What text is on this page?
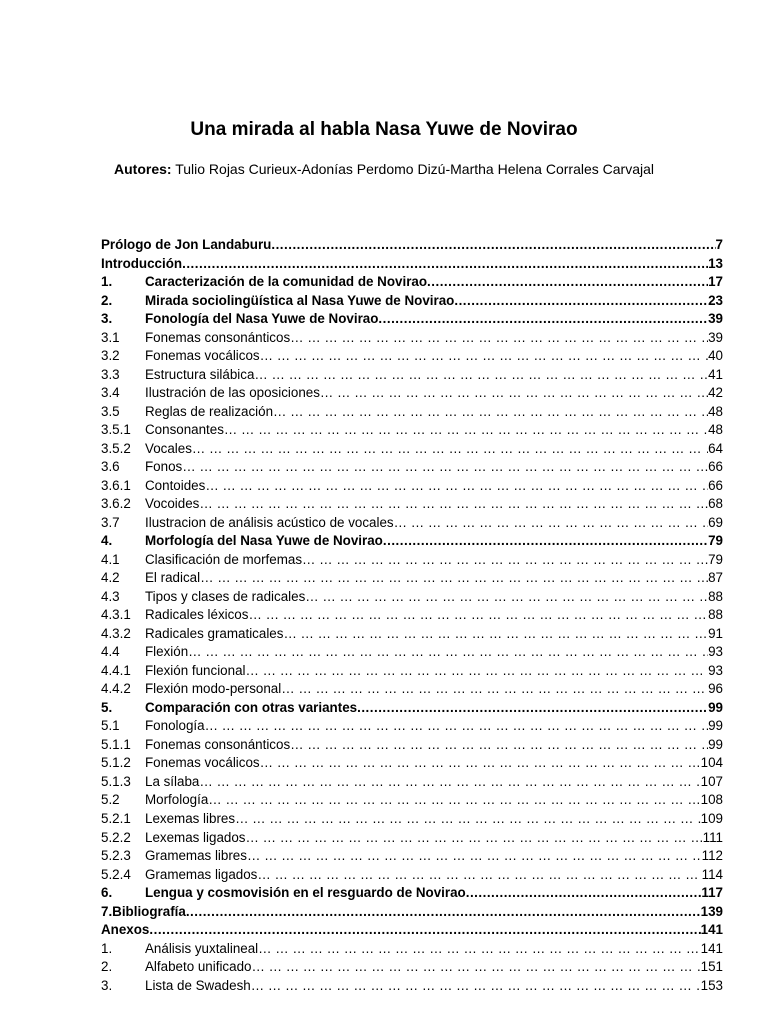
Una mirada al habla Nasa Yuwe de Novirao
Autores: Tulio Rojas Curieux-Adonías Perdomo Dizú-Martha Helena Corrales Carvajal
Prólogo de Jon Landaburu .....	7
Introducción .....	13
1.	Caracterización de la comunidad de Novirao .....	17
2.	Mirada sociolingüística al Nasa Yuwe de Novirao .....	23
3.	Fonología del Nasa Yuwe de Novirao .....	39
3.1	Fonemas consonánticos … … … … … … … … … … … … … … … … … … … … … … … … … … … … … … … … … … … … … … … … … … … … … … … … … … … … … … … … … … … … … … … … … … … … … … … … … … … … … … … … … … … … … … … … … … … … … …	39
3.2	Fonemas vocálicos … … … … … … … … … … … … … … … … … … … … … … … … … … … … … … … … … … … … … … … … … … … … … … … … … … … … … … … … … … … … … … … … … … … … … … … … … … … … … … … … … … … … … … … … … … … … … …	40
3.3	Estructura silábica … … … … … … … … … … … … … … … … … … … … … … … … … … … … … … … … … … … … … … … … … … … … … … … … … … … … … … … … … … … … … … … … … … … … … … … … … … … … … … … … … … … … … … … … … … … … … …	41
3.4	Ilustración de las oposiciones … … … … … … … … … … … … … … … … … … … … … … … … … … … … … … … … … … … … … … … … … … … … … … … … … … … … … … … … … … … … … … … … … … … … … … … … … … … … … … … … … … … … … … … … … … … … … …	42
3.5	Reglas de realización … … … … … … … … … … … … … … … … … … … … … … … … … … … … … … … … … … … … … … … … … … … … … … … … … … … … … … … … … … … … … … … … … … … … … … … … … … … … … … … … … … … … … … … … … … … … … …	48
3.5.1	Consonantes … … … … … … … … … … … … … … … … … … … … … … … … … … … … … … … … … … … … … … … … … … … … … … … … … … … … … … … … … … … … … … … … … … … … … … … … … … … … … … … … … … … … … … … … … … … … … …	48
3.5.2	Vocales … … … … … … … … … … … … … … … … … … … … … … … … … … … … … … … … … … … … … … … … … … … … … … … … … … … … … … … … … … … … … … … … … … … … … … … … … … … … … … … … … … … … … … … … … … … … … …	64
3.6	Fonos … … … … … … … … … … … … … … … … … … … … … … … … … … … … … … … … … … … … … … … … … … … … … … … … … … … … … … … … … … … … … … … … … … … … … … … … … … … … … … … … … … … … … … … … … … … … … …	66
3.6.1	Contoides … … … … … … … … … … … … … … … … … … … … … … … … … … … … … … … … … … … … … … … … … … … … … … … … … … … … … … … … … … … … … … … … … … … … … … … … … … … … … … … … … … … … … … … … … … … … … …	66
3.6.2	Vocoides … … … … … … … … … … … … … … … … … … … … … … … … … … … … … … … … … … … … … … … … … … … … … … … … … … … … … … … … … … … … … … … … … … … … … … … … … … … … … … … … … … … … … … … … … … … … … …	68
3.7	Ilustracion de análisis acústico de vocales … … … … … … … … … … … … … … … … … … … … … … … … … … … … … … … … … … … … … … … … … … … … … … … … … … … … … … … … … … … … … … … … … … … … … … … … … … … … … … … … … … … … … … … … … … … … … …	69
4.	Morfología del Nasa Yuwe de Novirao .....	79
4.1	Clasificación de morfemas … … … … … … … … … … … … … … … … … … … … … … … … … … … … … … … … … … … … … … … … … … … … … … … … … … … … … … … … … … … … … … … … … … … … … … … … … … … … … … … … … … … … … … … … … … … … … …	79
4.2	El radical … … … … … … … … … … … … … … … … … … … … … … … … … … … … … … … … … … … … … … … … … … … … … … … … … … … … … … … … … … … … … … … … … … … … … … … … … … … … … … … … … … … … … … … … … … … … … …	87
4.3	Tipos y clases de radicales … … … … … … … … … … … … … … … … … … … … … … … … … … … … … … … … … … … … … … … … … … … … … … … … … … … … … … … … … … … … … … … … … … … … … … … … … … … … … … … … … … … … … … … … … … … … … …	88
4.3.1	Radicales léxicos … … … … … … … … … … … … … … … … … … … … … … … … … … … … … … … … … … … … … … … … … … … … … … … … … … … … … … … … … … … … … … … … … … … … … … … … … … … … … … … … … … … … … … … … … … … … … …	88
4.3.2	Radicales gramaticales … … … … … … … … … … … … … … … … … … … … … … … … … … … … … … … … … … … … … … … … … … … … … … … … … … … … … … … … … … … … … … … … … … … … … … … … … … … … … … … … … … … … … … … … … … … … … …	91
4.4	Flexión … … … … … … … … … … … … … … … … … … … … … … … … … … … … … … … … … … … … … … … … … … … … … … … … … … … … … … … … … … … … … … … … … … … … … … … … … … … … … … … … … … … … … … … … … … … … … …	93
4.4.1	Flexión funcional … … … … … … … … … … … … … … … … … … … … … … … … … … … … … … … … … … … … … … … … … … … … … … … … … … … … … … … … … … … … … … … … … … … … … … … … … … … … … … … … … … … … … … … … … … … … … …	93
4.4.2	Flexión modo-personal … … … … … … … … … … … … … … … … … … … … … … … … … … … … … … … … … … … … … … … … … … … … … … … … … … … … … … … … … … … … … … … … … … … … … … … … … … … … … … … … … … … … … … … … … … … … … …	96
5.	Comparación con otras variantes .....	99
5.1	Fonología … … … … … … … … … … … … … … … … … … … … … … … … … … … … … … … … … … … … … … … … … … … … … … … … … … … … … … … … … … … … … … … … … … … … … … … … … … … … … … … … … … … … … … … … … … … … … …	99
5.1.1	Fonemas consonánticos … … … … … … … … … … … … … … … … … … … … … … … … … … … … … … … … … … … … … … … … … … … … … … … … … … … … … … … … … … … … … … … … … … … … … … … … … … … … … … … … … … … … … … … … … … … … … …	99
5.1.2	Fonemas vocálicos … … … … … … … … … … … … … … … … … … … … … … … … … … … … … … … … … … … … … … … … … … … … … … … … … … … … … … … … … … … … … … … … … … … … … … … … … … … … … … … … … … … … … … … … … … … … … …	104
5.1.3	La sílaba … … … … … … … … … … … … … … … … … … … … … … … … … … … … … … … … … … … … … … … … … … … … … … … … … … … … … … … … … … … … … … … … … … … … … … … … … … … … … … … … … … … … … … … … … … … … … …	107
5.2	Morfología … … … … … … … … … … … … … … … … … … … … … … … … … … … … … … … … … … … … … … … … … … … … … … … … … … … … … … … … … … … … … … … … … … … … … … … … … … … … … … … … … … … … … … … … … … … … … …	108
5.2.1	Lexemas libres … … … … … … … … … … … … … … … … … … … … … … … … … … … … … … … … … … … … … … … … … … … … … … … … … … … … … … … … … … … … … … … … … … … … … … … … … … … … … … … … … … … … … … … … … … … … … …	109
5.2.2	Lexemas ligados … … … … … … … … … … … … … … … … … … … … … … … … … … … … … … … … … … … … … … … … … … … … … … … … … … … … … … … … … … … … … … … … … … … … … … … … … … … … … … … … … … … … … … … … … … … … … …	111
5.2.3	Gramemas libres … … … … … … … … … … … … … … … … … … … … … … … … … … … … … … … … … … … … … … … … … … … … … … … … … … … … … … … … … … … … … … … … … … … … … … … … … … … … … … … … … … … … … … … … … … … … … …	112
5.2.4	Gramemas ligados … … … … … … … … … … … … … … … … … … … … … … … … … … … … … … … … … … … … … … … … … … … … … … … … … … … … … … … … … … … … … … … … … … … … … … … … … … … … … … … … … … … … … … … … … … … … … …	114
6.	Lengua y cosmovisión en el resguardo de Novirao .....	117
7.Bibliografía .....	139
Anexos .....	141
1.	Análisis yuxtalineal … … … … … … … … … … … … … … … … … … … … … … … … … … … … … … … … … … … … … … … … … … … … … … … … … … … … … … … … … … … … … … … … … … … … … … … … … … … … … … … … … … … … … … … … … … … … … …	141
2.	Alfabeto unificado … … … … … … … … … … … … … … … … … … … … … … … … … … … … … … … … … … … … … … … … … … … … … … … … … … … … … … … … … … … … … … … … … … … … … … … … … … … … … … … … … … … … … … … … … … … … … …	151
3.	Lista de Swadesh … … … … … … … … … … … … … … … … … … … … … … … … … … … … … … … … … … … … … … … … … … … … … … … … … … … … … … … … … … … … … … … … … … … … … … … … … … … … … … … … … … … … … … … … … … … … … …	153
